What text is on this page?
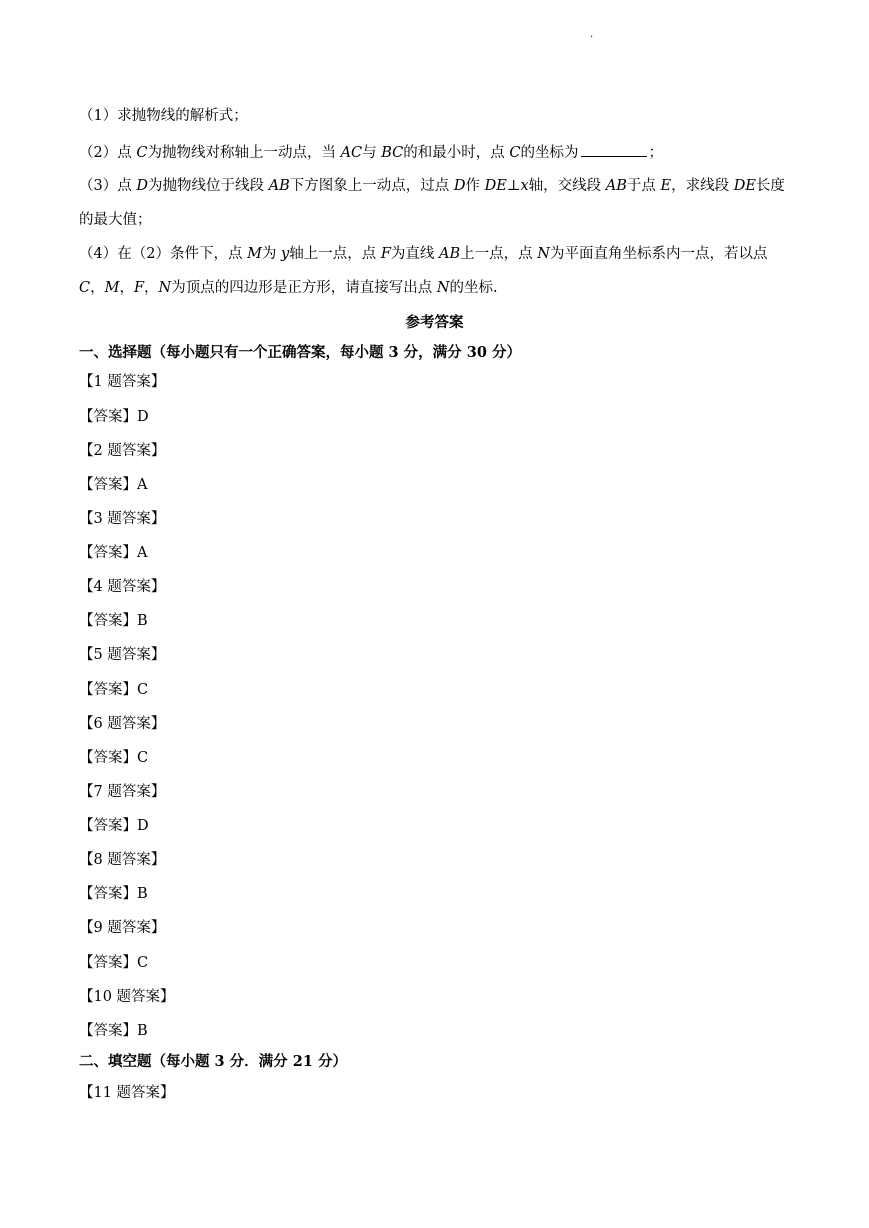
.
（1）求抛物线的解析式；
（2）点 C为抛物线对称轴上一动点，当 AC与 BC的和最小时，点 C的坐标为	；
（3）点 D为抛物线位于线段 AB下方图象上一动点，过点 D作 DE⊥x轴，交线段 AB于点 E，求线段 DE长度
的最大值；
（4）在（2）条件下，点 M为 y轴上一点，点 F为直线 AB上一点，点 N为平面直角坐标系内一点，若以点
C，M，F，N为顶点的四边形是正方形，请直接写出点 N的坐标.
参考答案
一、选择题（每小题只有一个正确答案，每小题 3 分，满分 30 分）
【1 题答案】
【答案】D
【2 题答案】
【答案】A
【3 题答案】
【答案】A
【4 题答案】
【答案】B
【5 题答案】
【答案】C
【6 题答案】
【答案】C
【7 题答案】
【答案】D
【8 题答案】
【答案】B
【9 题答案】
【答案】C
【10 题答案】
【答案】B
二、填空题（每小题 3 分．满分 21 分）
【11 题答案】
